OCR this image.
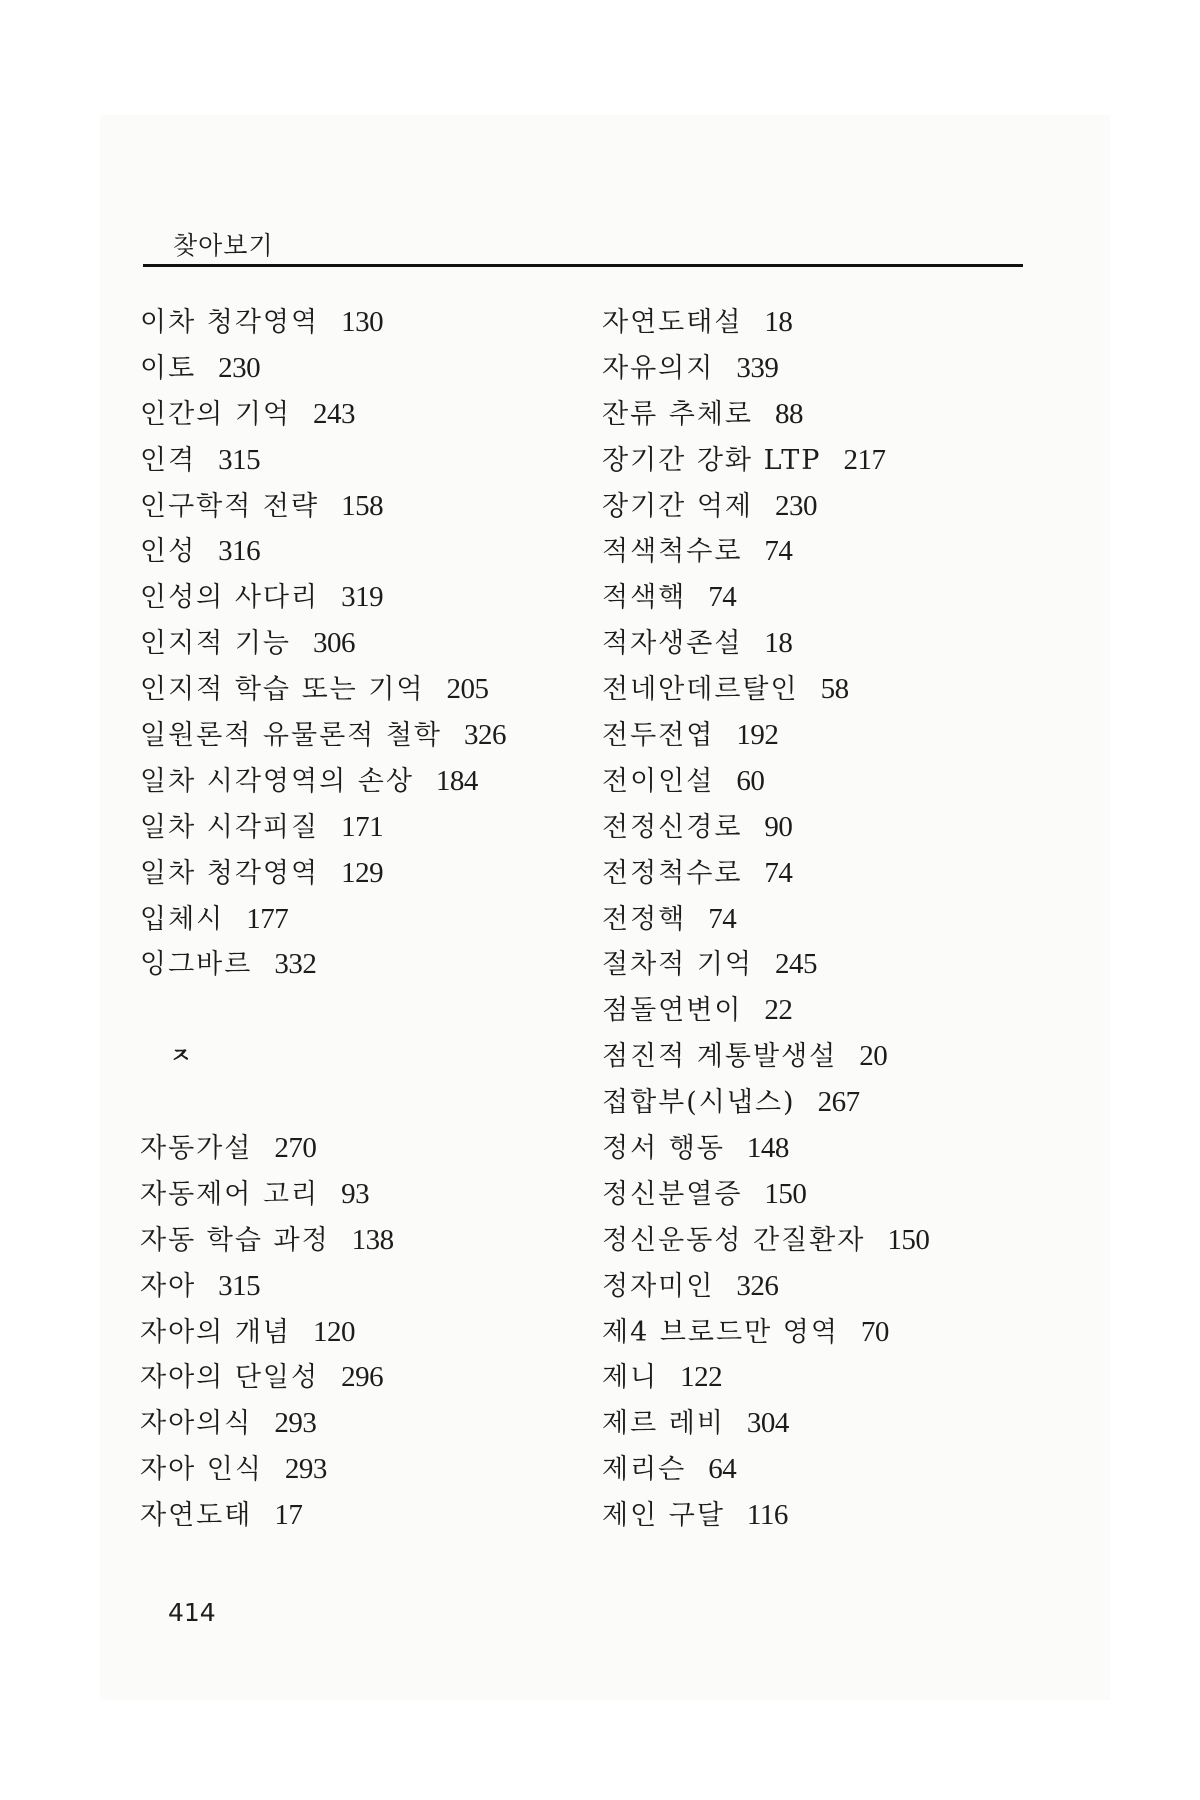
찾아보기
이차 청각영역 130
이토 230
인간의 기억 243
인격 315
인구학적 전략 158
인성 316
인성의 사다리 319
인지적 기능 306
인지적 학습 또는 기억 205
일원론적 유물론적 철학 326
일차 시각영역의 손상 184
일차 시각피질 171
일차 청각영역 129
입체시 177
잉그바르 332
ㅈ
자동가설 270
자동제어 고리 93
자동 학습 과정 138
자아 315
자아의 개념 120
자아의 단일성 296
자아의식 293
자아 인식 293
자연도태 17
자연도태설 18
자유의지 339
잔류 추체로 88
장기간 강화 LTP 217
장기간 억제 230
적색척수로 74
적색핵 74
적자생존설 18
전네안데르탈인 58
전두전엽 192
전이인설 60
전정신경로 90
전정척수로 74
전정핵 74
절차적 기억 245
점돌연변이 22
점진적 계통발생설 20
접합부(시냅스) 267
정서 행동 148
정신분열증 150
정신운동성 간질환자 150
정자미인 326
제4 브로드만 영역 70
제니 122
제르 레비 304
제리슨 64
제인 구달 116
414
